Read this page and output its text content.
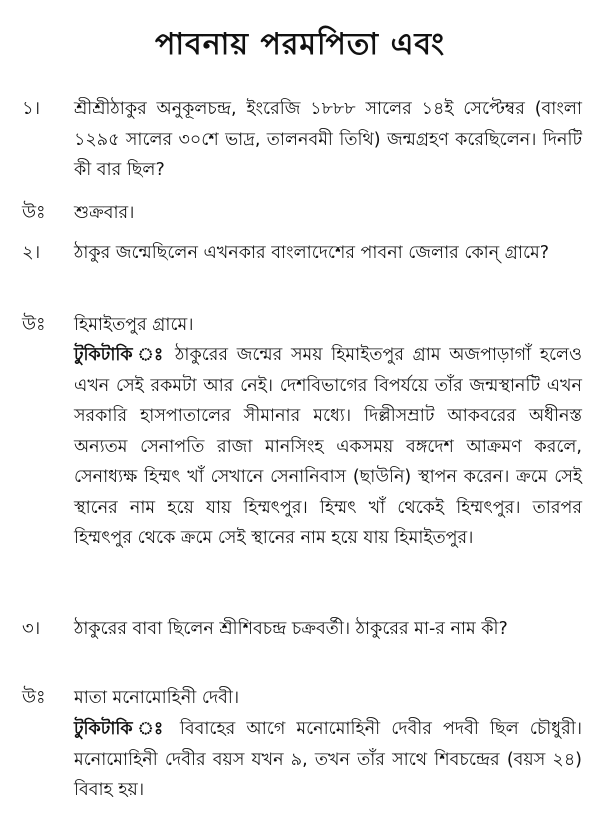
পাবনায় পরমপিতা এবং
১।	শ্রীশ্রীঠাকুর অনুকূলচন্দ্র, ইংরেজি ১৮৮৮ সালের ১৪ই সেপ্টেম্বর (বাংলা ১২৯৫ সালের ৩০শে ভাদ্র, তালনবমী তিথি) জন্মগ্রহণ করেছিলেন। দিনটি কী বার ছিল?
উঃ	শুক্রবার।
২।	ঠাকুর জন্মেছিলেন এখনকার বাংলাদেশের পাবনা জেলার কোন্ গ্রামে?
উঃ	হিমাইতপুর গ্রামে।
টুকিটাকি ঃ ঠাকুরের জন্মের সময় হিমাইতপুর গ্রাম অজপাড়াগাঁ হলেও এখন সেই রকমটা আর নেই। দেশবিভাগের বিপর্যয়ে তাঁর জন্মস্থানটি এখন সরকারি হাসপাতালের সীমানার মধ্যে। দিল্লীসম্রাট আকবরের অধীনস্ত অন্যতম সেনাপতি রাজা মানসিংহ একসময় বঙ্গদেশ আক্রমণ করলে, সেনাধ্যক্ষ হিম্মৎ খাঁ সেখানে সেনানিবাস (ছাউনি) স্থাপন করেন। ক্রমে সেই স্থানের নাম হয়ে যায় হিম্মৎপুর। হিম্মৎ খাঁ থেকেই হিম্মৎপুর। তারপর হিম্মৎপুর থেকে ক্রমে সেই স্থানের নাম হয়ে যায় হিমাইতপুর।
৩।	ঠাকুরের বাবা ছিলেন শ্রীশিবচন্দ্র চক্রবর্তী। ঠাকুরের মা-র নাম কী?
উঃ	মাতা মনোমোহিনী দেবী।
টুকিটাকি ঃ বিবাহের আগে মনোমোহিনী দেবীর পদবী ছিল চৌধুরী। মনোমোহিনী দেবীর বয়স যখন ৯, তখন তাঁর সাথে শিবচন্দ্রের (বয়স ২৪) বিবাহ হয়।
